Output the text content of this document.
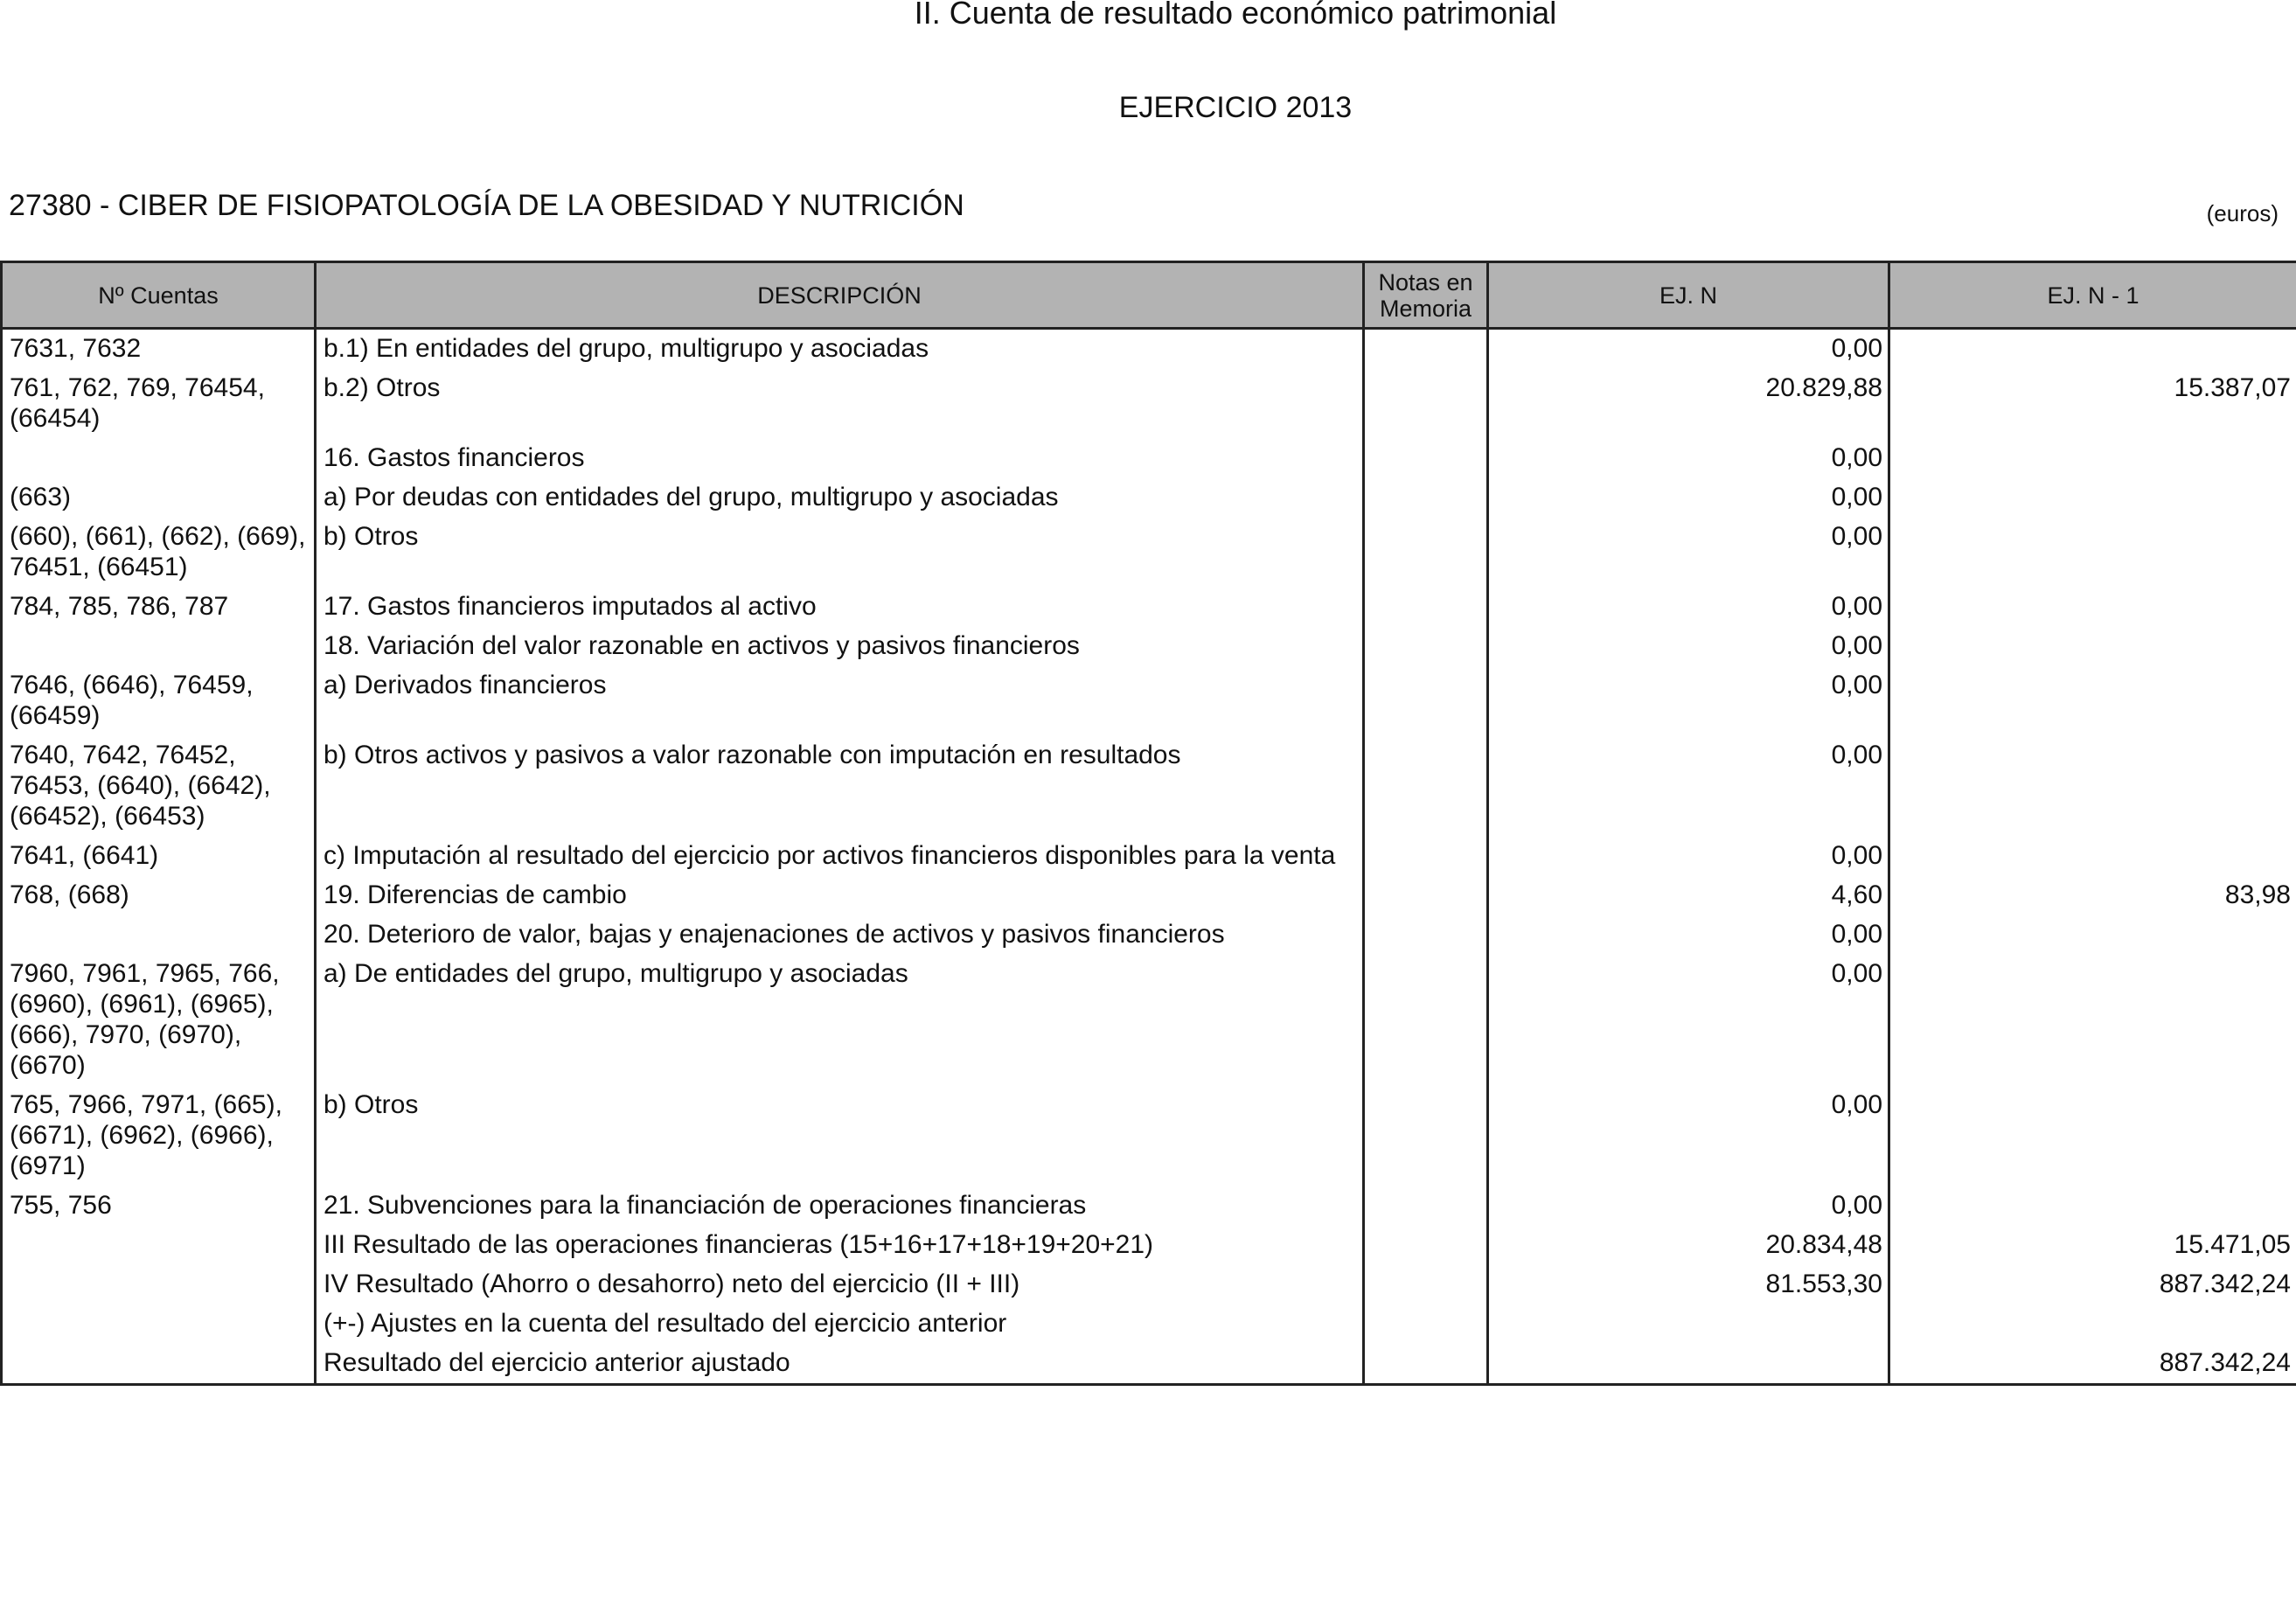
II. Cuenta de resultado económico patrimonial
EJERCICIO 2013
27380 - CIBER DE FISIOPATOLOGÍA DE LA OBESIDAD Y NUTRICIÓN	(euros)
Nº Cuentas	DESCRIPCIÓN	Notas en Memoria	EJ. N	EJ. N - 1
7631, 7632	b.1) En entidades del grupo, multigrupo y asociadas		0,00	
761, 762, 769, 76454, (66454)	b.2) Otros		20.829,88	15.387,07
	16. Gastos financieros		0,00	
(663)	a) Por deudas con entidades del grupo, multigrupo y asociadas		0,00	
(660), (661), (662), (669), 76451, (66451)	b) Otros		0,00	
784, 785, 786, 787	17. Gastos financieros imputados al activo		0,00	
	18. Variación del valor razonable en activos y pasivos financieros		0,00	
7646, (6646), 76459, (66459)	a) Derivados financieros		0,00	
7640, 7642, 76452, 76453, (6640), (6642), (66452), (66453)	b) Otros activos y pasivos a valor razonable con imputación en resultados		0,00	
7641, (6641)	c) Imputación al resultado del ejercicio por activos financieros disponibles para la venta		0,00	
768, (668)	19. Diferencias de cambio		4,60	83,98
	20. Deterioro de valor, bajas y enajenaciones de activos y pasivos financieros		0,00	
7960, 7961, 7965, 766, (6960), (6961), (6965), (666), 7970, (6970), (6670)	a) De entidades del grupo, multigrupo y asociadas		0,00	
765, 7966, 7971, (665), (6671), (6962), (6966), (6971)	b) Otros		0,00	
755, 756	21. Subvenciones para la financiación de operaciones financieras		0,00	
	III Resultado de las operaciones financieras (15+16+17+18+19+20+21)		20.834,48	15.471,05
	IV Resultado (Ahorro o desahorro) neto del ejercicio (II + III)		81.553,30	887.342,24
	(+-) Ajustes en la cuenta del resultado del ejercicio anterior			
	Resultado del ejercicio anterior ajustado			887.342,24
